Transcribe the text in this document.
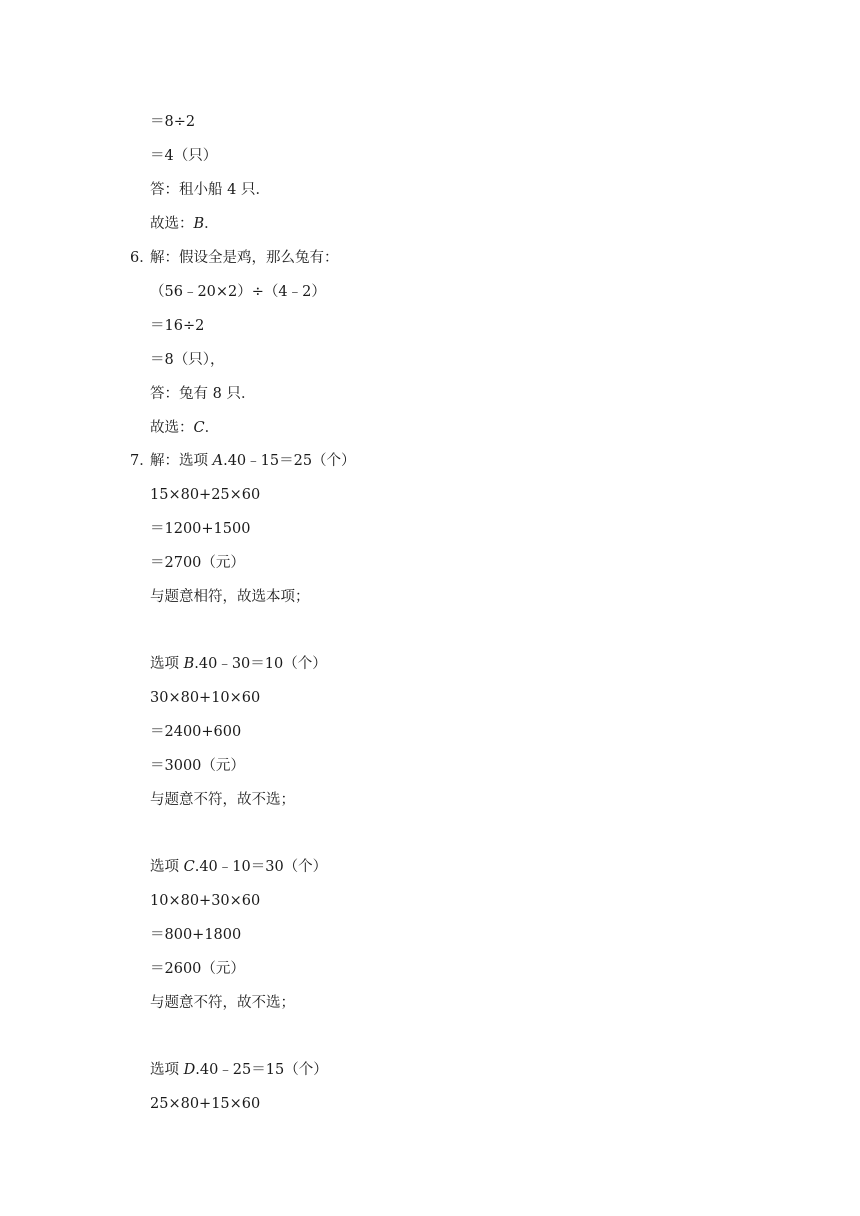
＝8÷2
＝4（只）
答：租小船 4 只．
故选：B．
6．解：假设全是鸡，那么兔有：
（56﹣20×2）÷（4﹣2）
＝16÷2
＝8（只），
答：兔有 8 只．
故选：C．
7．解：选项 A.40﹣15＝25（个）
15×80+25×60
＝1200+1500
＝2700（元）
与题意相符，故选本项；
选项 B.40﹣30＝10（个）
30×80+10×60
＝2400+600
＝3000（元）
与题意不符，故不选；
选项 C.40﹣10＝30（个）
10×80+30×60
＝800+1800
＝2600（元）
与题意不符，故不选；
选项 D.40﹣25＝15（个）
25×80+15×60
